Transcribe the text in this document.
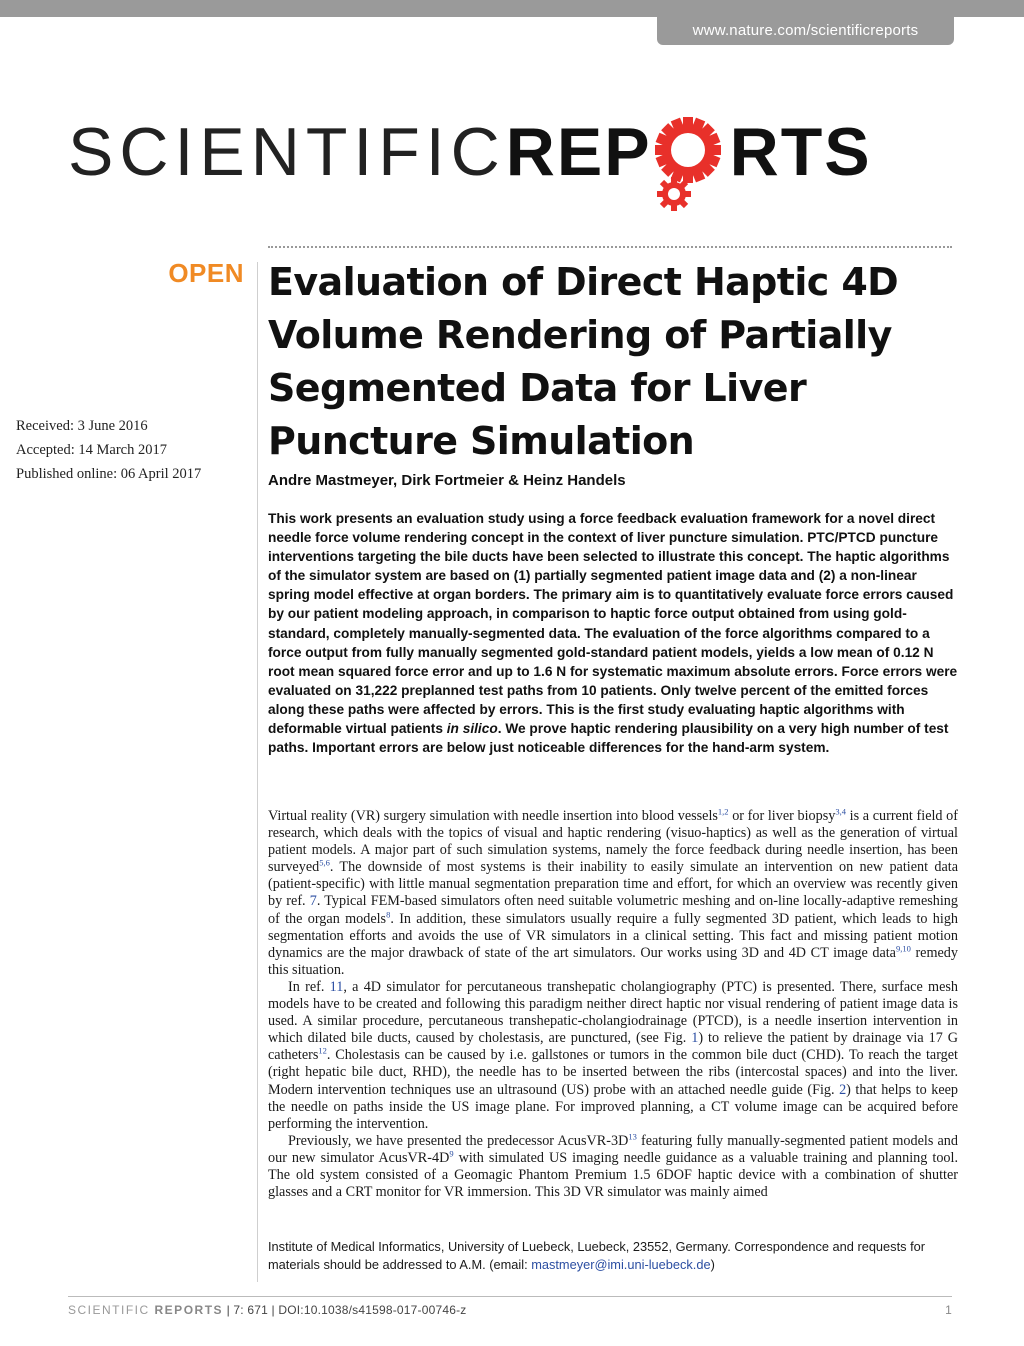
www.nature.com/scientificreports
SCIENTIFIC REP RTS
OPEN
Received: 3 June 2016
Accepted: 14 March 2017
Published online: 06 April 2017
Evaluation of Direct Haptic 4D Volume Rendering of Partially Segmented Data for Liver Puncture Simulation
Andre Mastmeyer, Dirk Fortmeier & Heinz Handels
This work presents an evaluation study using a force feedback evaluation framework for a novel direct needle force volume rendering concept in the context of liver puncture simulation. PTC/PTCD puncture interventions targeting the bile ducts have been selected to illustrate this concept. The haptic algorithms of the simulator system are based on (1) partially segmented patient image data and (2) a non-linear spring model effective at organ borders. The primary aim is to quantitatively evaluate force errors caused by our patient modeling approach, in comparison to haptic force output obtained from using gold-standard, completely manually-segmented data. The evaluation of the force algorithms compared to a force output from fully manually segmented gold-standard patient models, yields a low mean of 0.12 N root mean squared force error and up to 1.6 N for systematic maximum absolute errors. Force errors were evaluated on 31,222 preplanned test paths from 10 patients. Only twelve percent of the emitted forces along these paths were affected by errors. This is the first study evaluating haptic algorithms with deformable virtual patients in silico. We prove haptic rendering plausibility on a very high number of test paths. Important errors are below just noticeable differences for the hand-arm system.

Virtual reality (VR) surgery simulation with needle insertion into blood vessels$^{1,2}$ or for liver biopsy$^{3,4}$ is a current field of research, which deals with the topics of visual and haptic rendering (visuo-haptics) as well as the generation of virtual patient models. A major part of such simulation systems, namely the force feedback during needle insertion, has been surveyed$^{5,6}$. The downside of most systems is their inability to easily simulate an intervention on new patient data (patient-specific) with little manual segmentation preparation time and effort, for which an overview was recently given by ref. 7. Typical FEM-based simulators often need suitable volumetric meshing and on-line locally-adaptive remeshing of the organ models$^8$. In addition, these simulators usually require a fully segmented 3D patient, which leads to high segmentation efforts and avoids the use of VR simulators in a clinical setting. This fact and missing patient motion dynamics are the major drawback of state of the art simulators. Our works using 3D and 4D CT image data$^{9,10}$ remedy this situation.

In ref. 11, a 4D simulator for percutaneous transhepatic cholangiography (PTC) is presented. There, surface mesh models have to be created and following this paradigm neither direct haptic nor visual rendering of patient image data is used. A similar procedure, percutaneous transhepatic-cholangiodrainage (PTCD), is a needle insertion intervention in which dilated bile ducts, caused by cholestasis, are punctured, (see Fig. 1) to relieve the patient by drainage via 17 G catheters$^{12}$. Cholestasis can be caused by i.e. gallstones or tumors in the common bile duct (CHD). To reach the target (right hepatic bile duct, RHD), the needle has to be inserted between the ribs (intercostal spaces) and into the liver. Modern intervention techniques use an ultrasound (US) probe with an attached needle guide (Fig. 2) that helps to keep the needle on paths inside the US image plane. For improved planning, a CT volume image can be acquired before performing the intervention.

Previously, we have presented the predecessor AcusVR-3D$^{13}$ featuring fully manually-segmented patient models and our new simulator AcusVR-4D$^9$ with simulated US imaging needle guidance as a valuable training and planning tool. The old system consisted of a Geomagic Phantom Premium 1.5 6DOF haptic device with a combination of shutter glasses and a CRT monitor for VR immersion. This 3D VR simulator was mainly aimed

Institute of Medical Informatics, University of Luebeck, Luebeck, 23552, Germany. Correspondence and requests for materials should be addressed to A.M. (email: mastmeyer@imi.uni-luebeck.de)
SCIENTIFIC REPORTS | 7: 671 | DOI:10.1038/s41598-017-00746-z	1
